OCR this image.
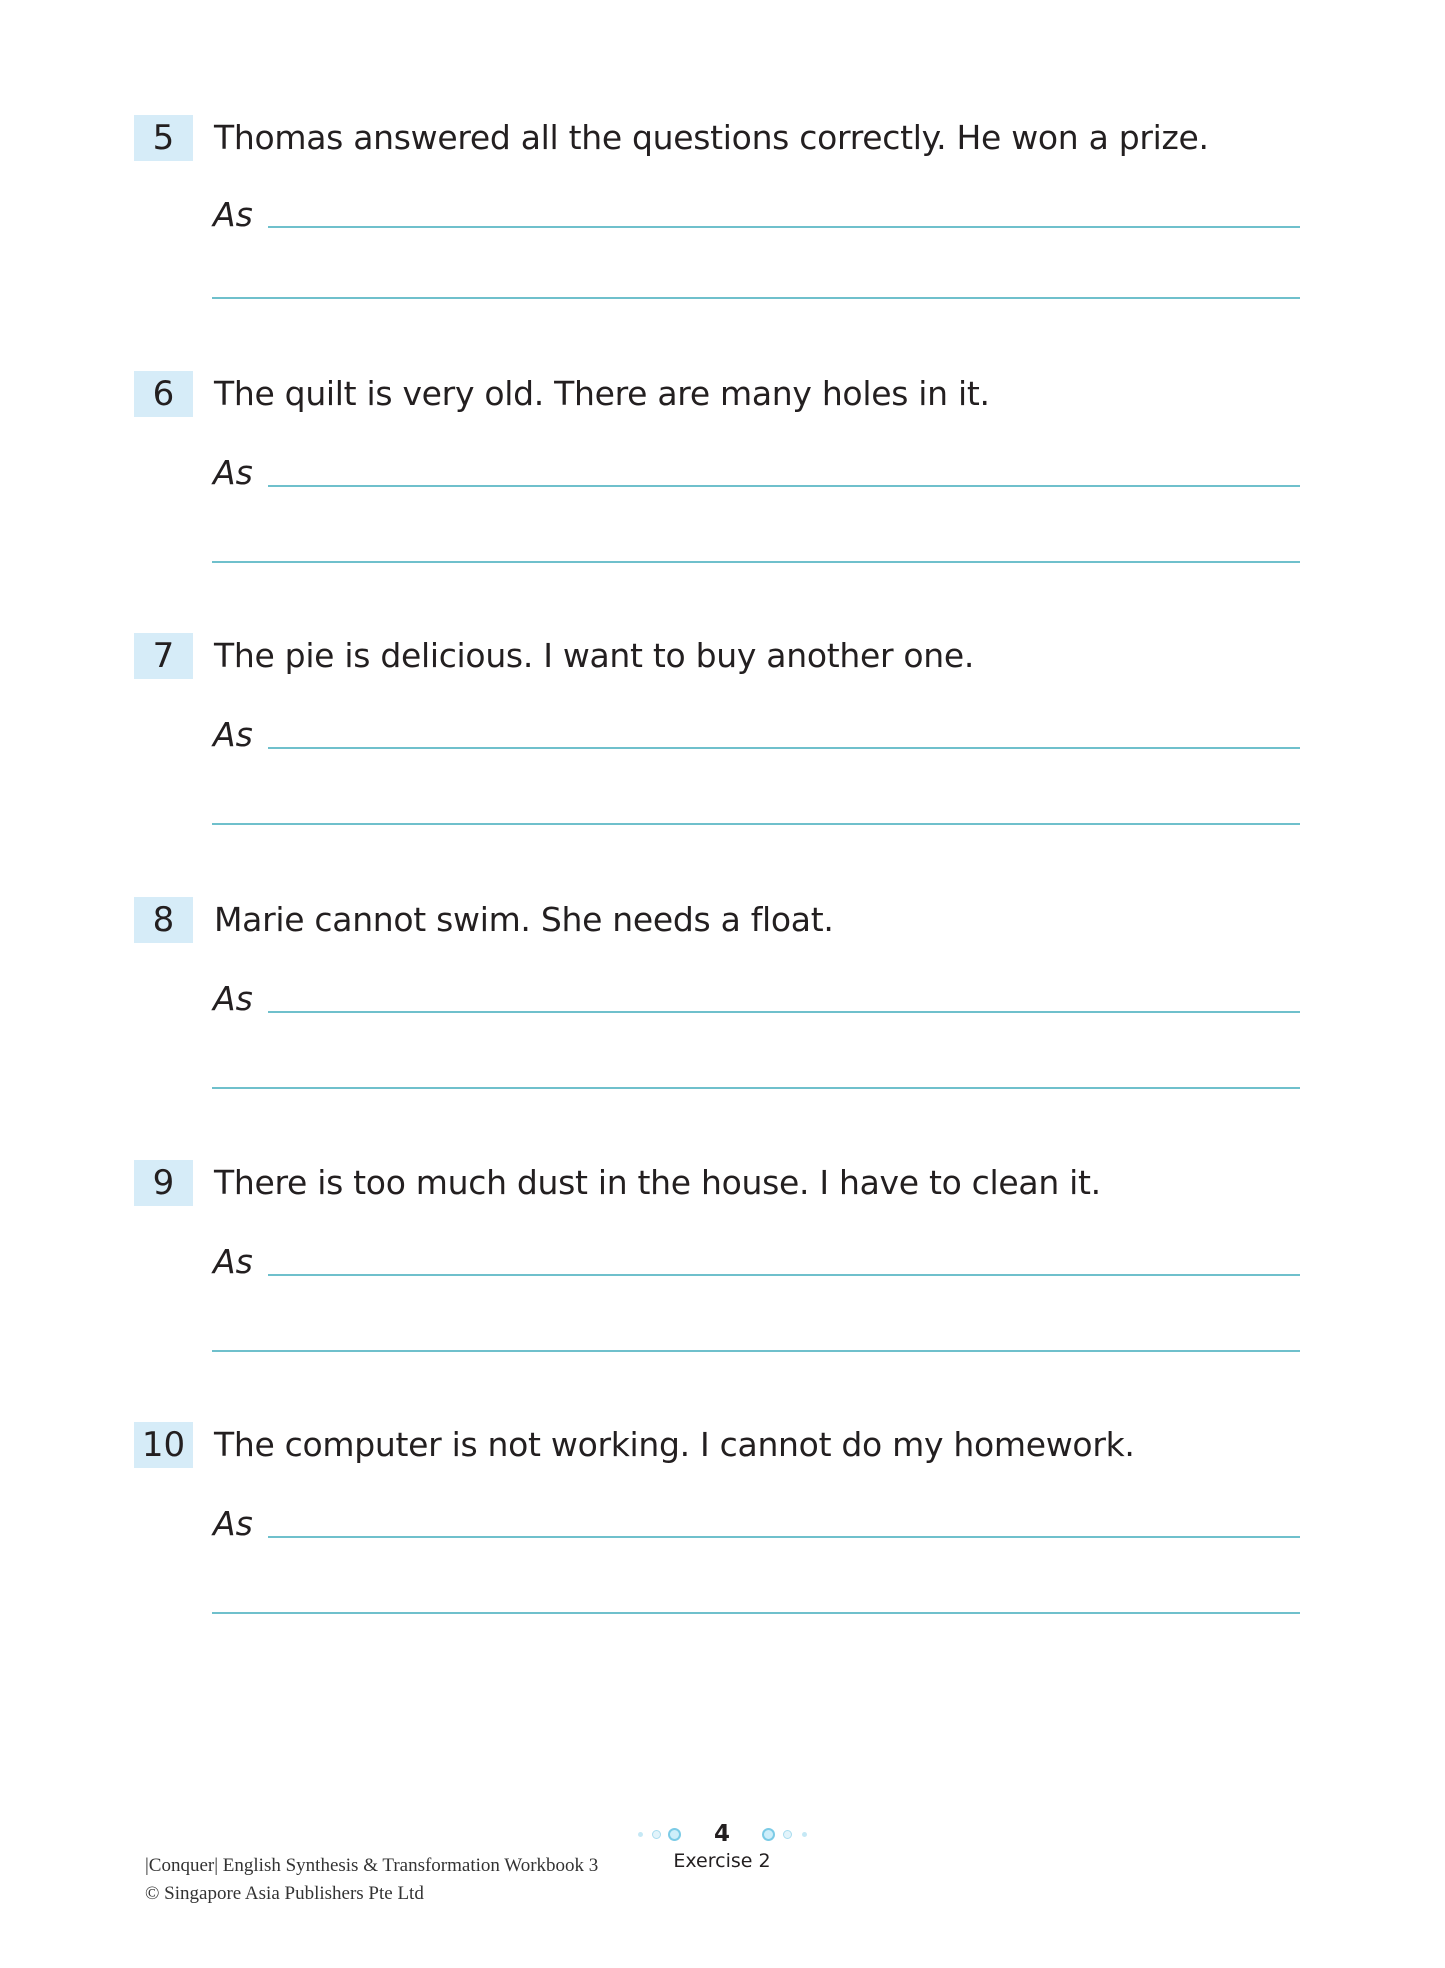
5	Thomas answered all the questions correctly. He won a prize.
As
6	The quilt is very old. There are many holes in it.
As
7	The pie is delicious. I want to buy another one.
As
8	Marie cannot swim. She needs a float.
As
9	There is too much dust in the house. I have to clean it.
As
10 The computer is not working. I cannot do my homework.
As
|Conquer| English Synthesis & Transformation Workbook 3
© Singapore Asia Publishers Pte Ltd
4
Exercise 2
